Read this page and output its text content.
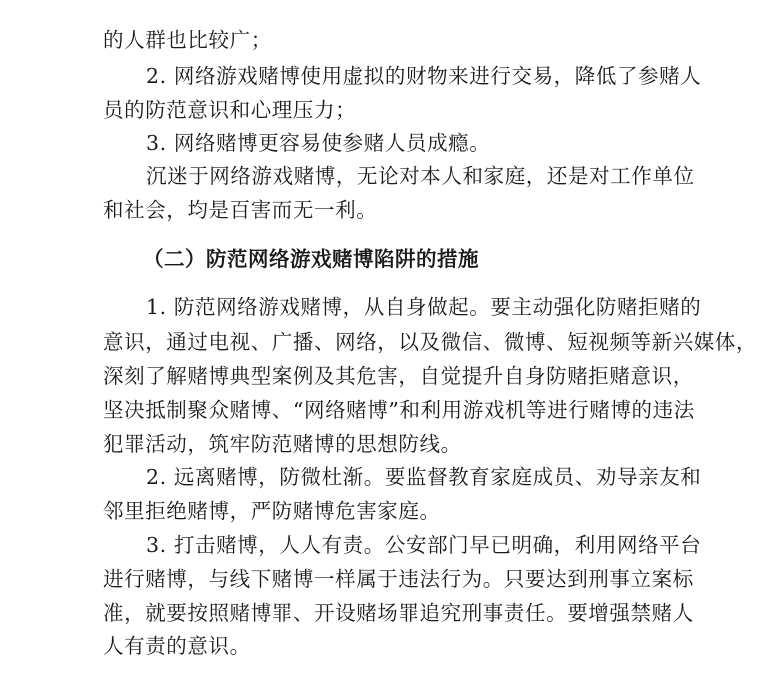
的人群也比较广；
2. 网络游戏赌博使用虚拟的财物来进行交易，降低了参赌人
员的防范意识和心理压力；
3. 网络赌博更容易使参赌人员成瘾。
沉迷于网络游戏赌博，无论对本人和家庭，还是对工作单位
和社会，均是百害而无一利。
（二）防范网络游戏赌博陷阱的措施
1. 防范网络游戏赌博，从自身做起。要主动强化防赌拒赌的
意识，通过电视、广播、网络，以及微信、微博、短视频等新兴媒体，
深刻了解赌博典型案例及其危害，自觉提升自身防赌拒赌意识，
坚决抵制聚众赌博、“网络赌博”和利用游戏机等进行赌博的违法
犯罪活动，筑牢防范赌博的思想防线。
2. 远离赌博，防微杜渐。要监督教育家庭成员、劝导亲友和
邻里拒绝赌博，严防赌博危害家庭。
3. 打击赌博，人人有责。公安部门早已明确，利用网络平台
进行赌博，与线下赌博一样属于违法行为。只要达到刑事立案标
准，就要按照赌博罪、开设赌场罪追究刑事责任。要增强禁赌人
人有责的意识。
